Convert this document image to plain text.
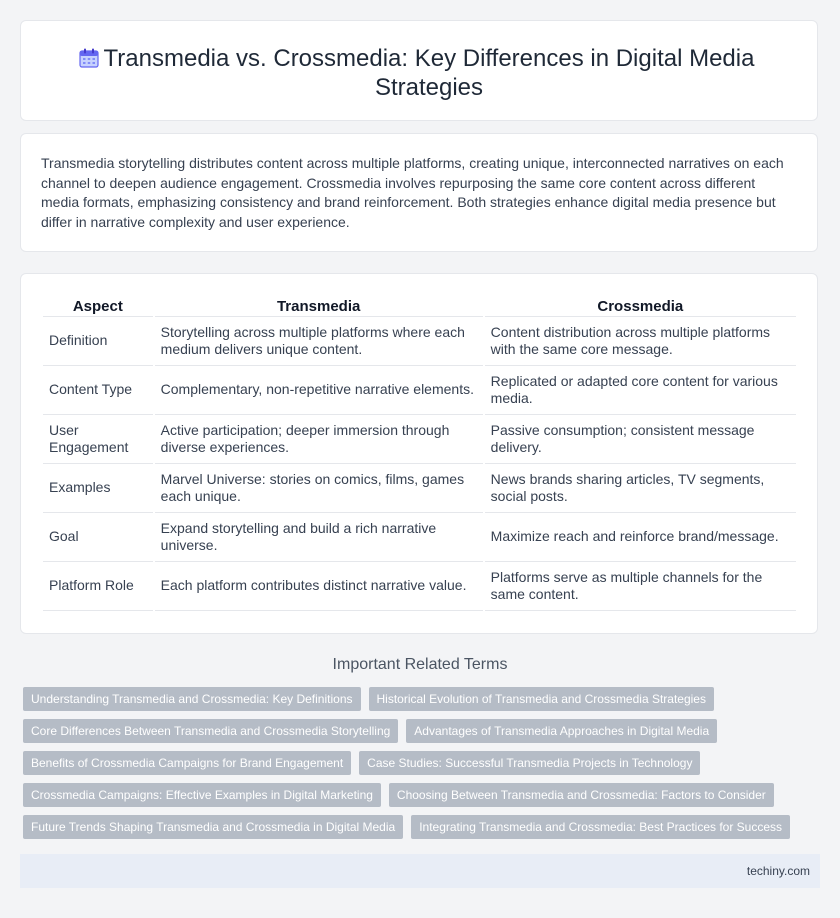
Transmedia vs. Crossmedia: Key Differences in Digital Media Strategies

Transmedia storytelling distributes content across multiple platforms, creating unique, interconnected narratives on each channel to deepen audience engagement. Crossmedia involves repurposing the same core content across different media formats, emphasizing consistency and brand reinforcement. Both strategies enhance digital media presence but differ in narrative complexity and user experience.

Aspect	Transmedia	Crossmedia
Definition	Storytelling across multiple platforms where each medium delivers unique content.	Content distribution across multiple platforms with the same core message.
Content Type	Complementary, non-repetitive narrative elements.	Replicated or adapted core content for various media.
User Engagement	Active participation; deeper immersion through diverse experiences.	Passive consumption; consistent message delivery.
Examples	Marvel Universe: stories on comics, films, games each unique.	News brands sharing articles, TV segments, social posts.
Goal	Expand storytelling and build a rich narrative universe.	Maximize reach and reinforce brand/message.
Platform Role	Each platform contributes distinct narrative value.	Platforms serve as multiple channels for the same content.
Important Related Terms
Understanding Transmedia and Crossmedia: Key Definitions	Historical Evolution of Transmedia and Crossmedia Strategies
Core Differences Between Transmedia and Crossmedia Storytelling	Advantages of Transmedia Approaches in Digital Media
Benefits of Crossmedia Campaigns for Brand Engagement	Case Studies: Successful Transmedia Projects in Technology
Crossmedia Campaigns: Effective Examples in Digital Marketing	Choosing Between Transmedia and Crossmedia: Factors to Consider
Future Trends Shaping Transmedia and Crossmedia in Digital Media	Integrating Transmedia and Crossmedia: Best Practices for Success
techiny.com
